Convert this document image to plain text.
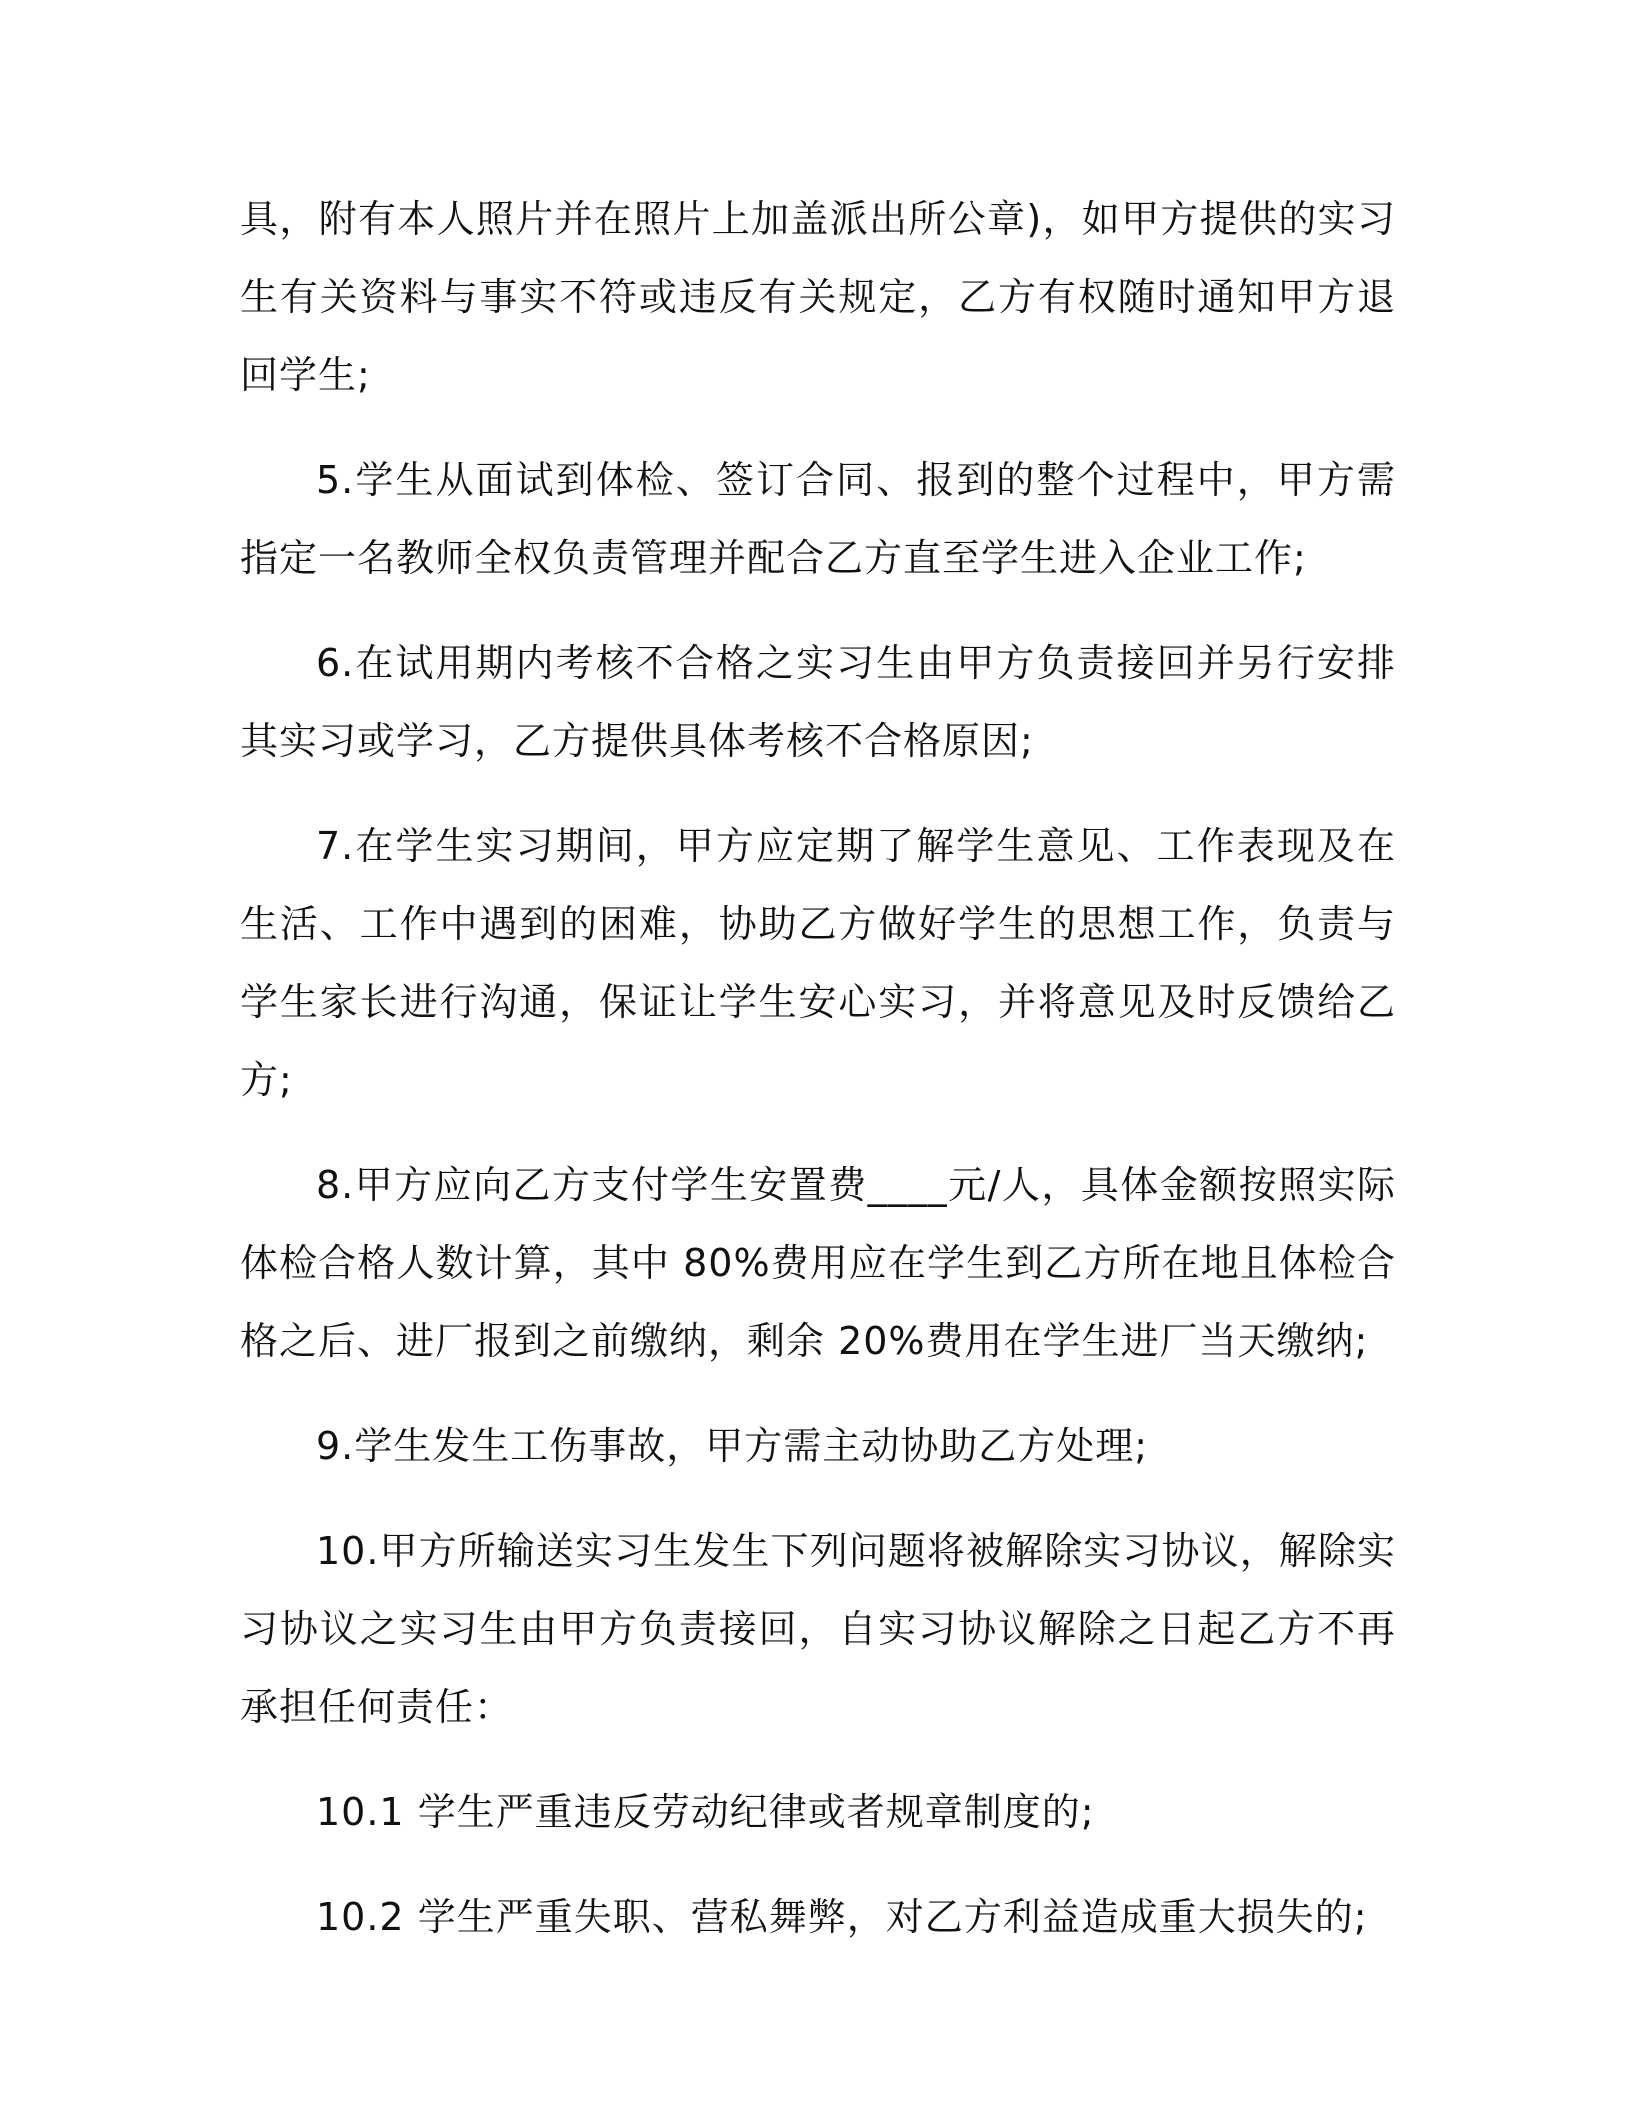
具，附有本人照片并在照片上加盖派出所公章)，如甲方提供的实习生有关资料与事实不符或违反有关规定，乙方有权随时通知甲方退回学生;

5.学生从面试到体检、签订合同、报到的整个过程中，甲方需指定一名教师全权负责管理并配合乙方直至学生进入企业工作;

6.在试用期内考核不合格之实习生由甲方负责接回并另行安排其实习或学习，乙方提供具体考核不合格原因;

7.在学生实习期间，甲方应定期了解学生意见、工作表现及在生活、工作中遇到的困难，协助乙方做好学生的思想工作，负责与学生家长进行沟通，保证让学生安心实习，并将意见及时反馈给乙方;

8.甲方应向乙方支付学生安置费____元/人，具体金额按照实际体检合格人数计算，其中 80%费用应在学生到乙方所在地且体检合格之后、进厂报到之前缴纳，剩余 20%费用在学生进厂当天缴纳;

9.学生发生工伤事故，甲方需主动协助乙方处理;

10.甲方所输送实习生发生下列问题将被解除实习协议，解除实习协议之实习生由甲方负责接回，自实习协议解除之日起乙方不再承担任何责任：

10.1 学生严重违反劳动纪律或者规章制度的;

10.2 学生严重失职、营私舞弊，对乙方利益造成重大损失的;
